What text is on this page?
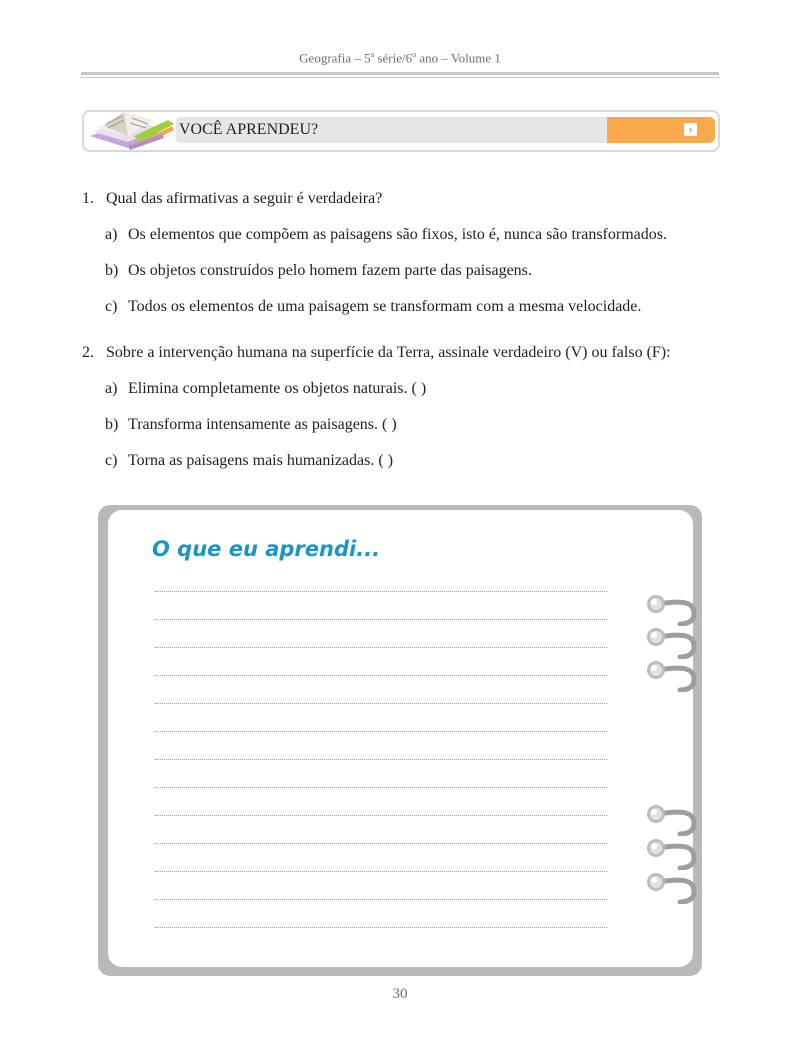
Geografia – 5$^a$ série/6$^o$ ano – Volume 1
›
VOCÊ APRENDEU?
1. Qual das afirmativas a seguir é verdadeira?
a) Os elementos que compõem as paisagens são fixos, isto é, nunca são transformados.
b) Os objetos construídos pelo homem fazem parte das paisagens.
c) Todos os elementos de uma paisagem se transformam com a mesma velocidade.
2. Sobre a intervenção humana na superfície da Terra, assinale verdadeiro (V) ou falso (F):
a) Elimina completamente os objetos naturais. ( )
b) Transforma intensamente as paisagens. ( )
c) Torna as paisagens mais humanizadas. ( )
O que eu aprendi...
30
